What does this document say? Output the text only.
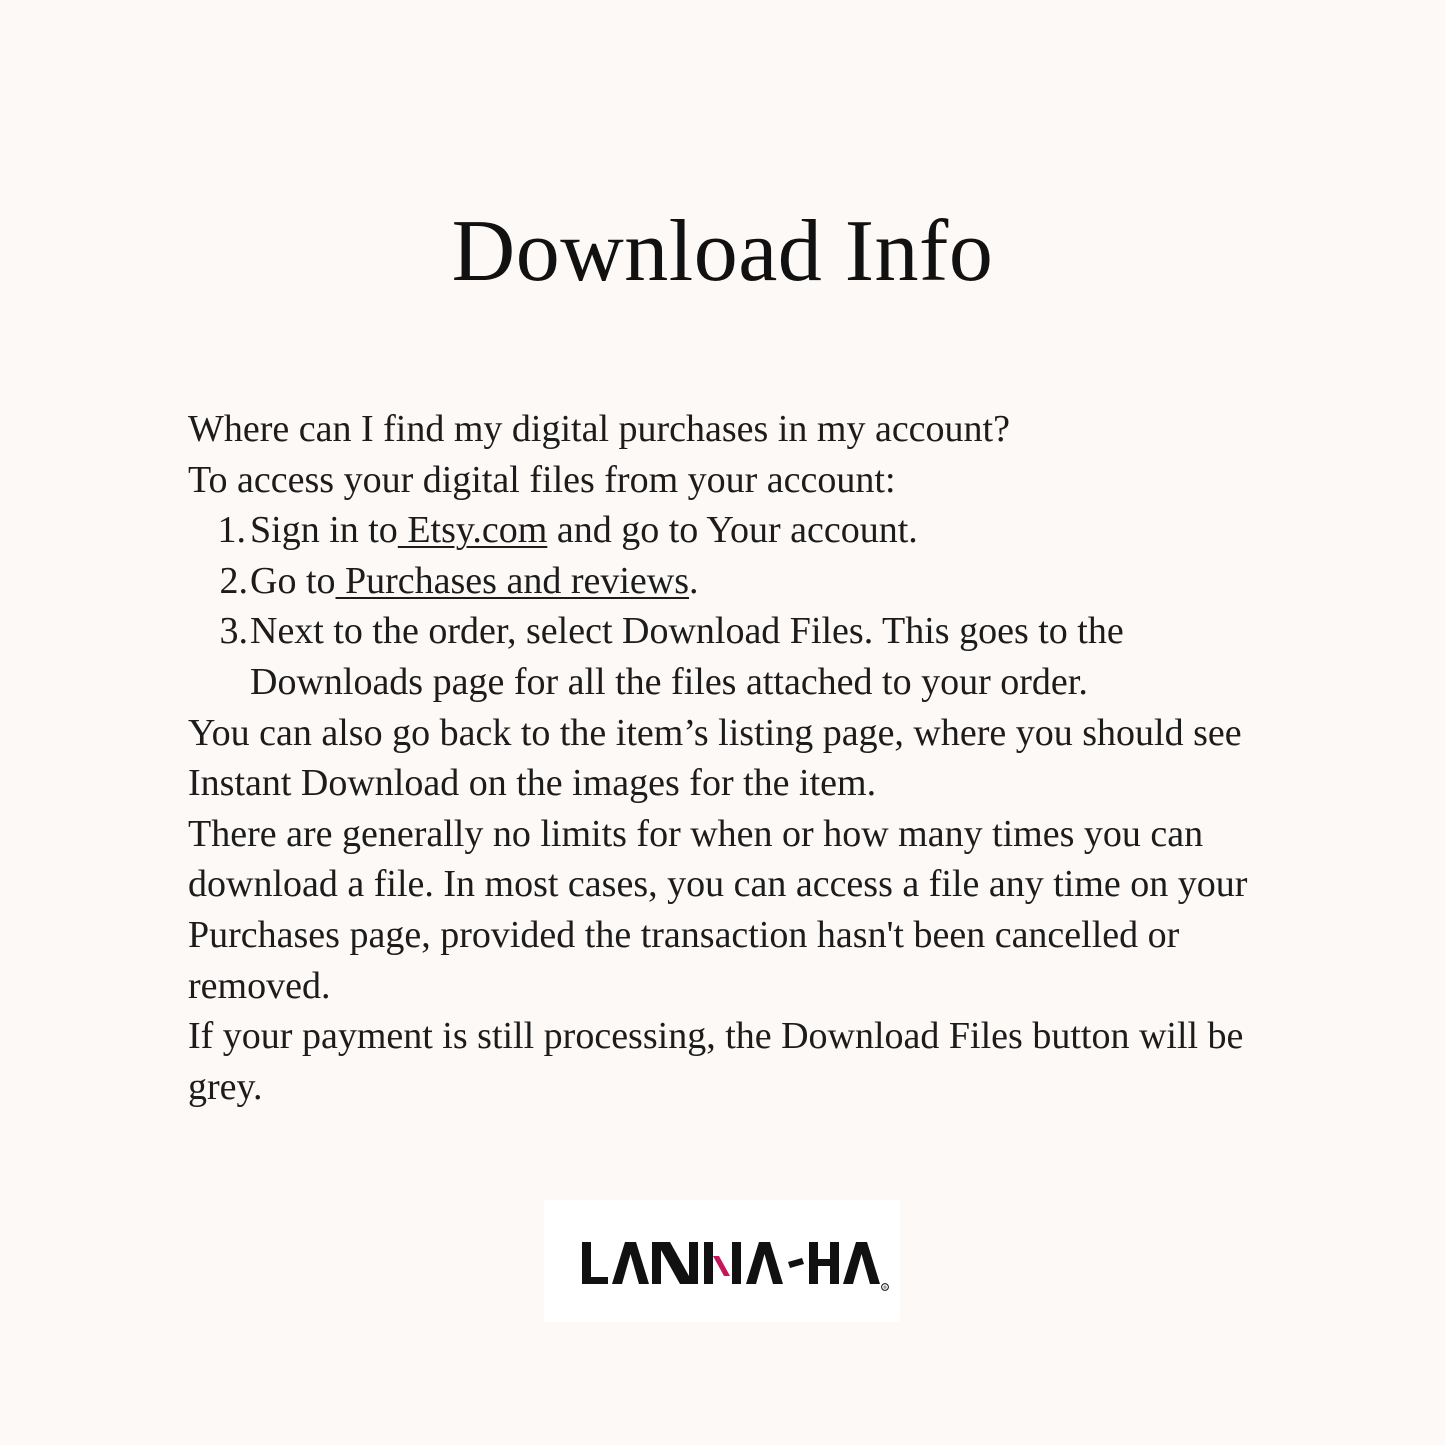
Download Info

Where can I find my digital purchases in my account?

To access your digital files from your account:

1. Sign in to Etsy.com and go to Your account.
2. Go to Purchases and reviews.
3. Next to the order, select Download Files. This goes to the Downloads page for all the files attached to your order.

You can also go back to the item’s listing page, where you should see Instant Download on the images for the item.

There are generally no limits for when or how many times you can download a file. In most cases, you can access a file any time on your Purchases page, provided the transaction hasn't been cancelled or removed.

If your payment is still processing, the Download Files button will be grey.

®
